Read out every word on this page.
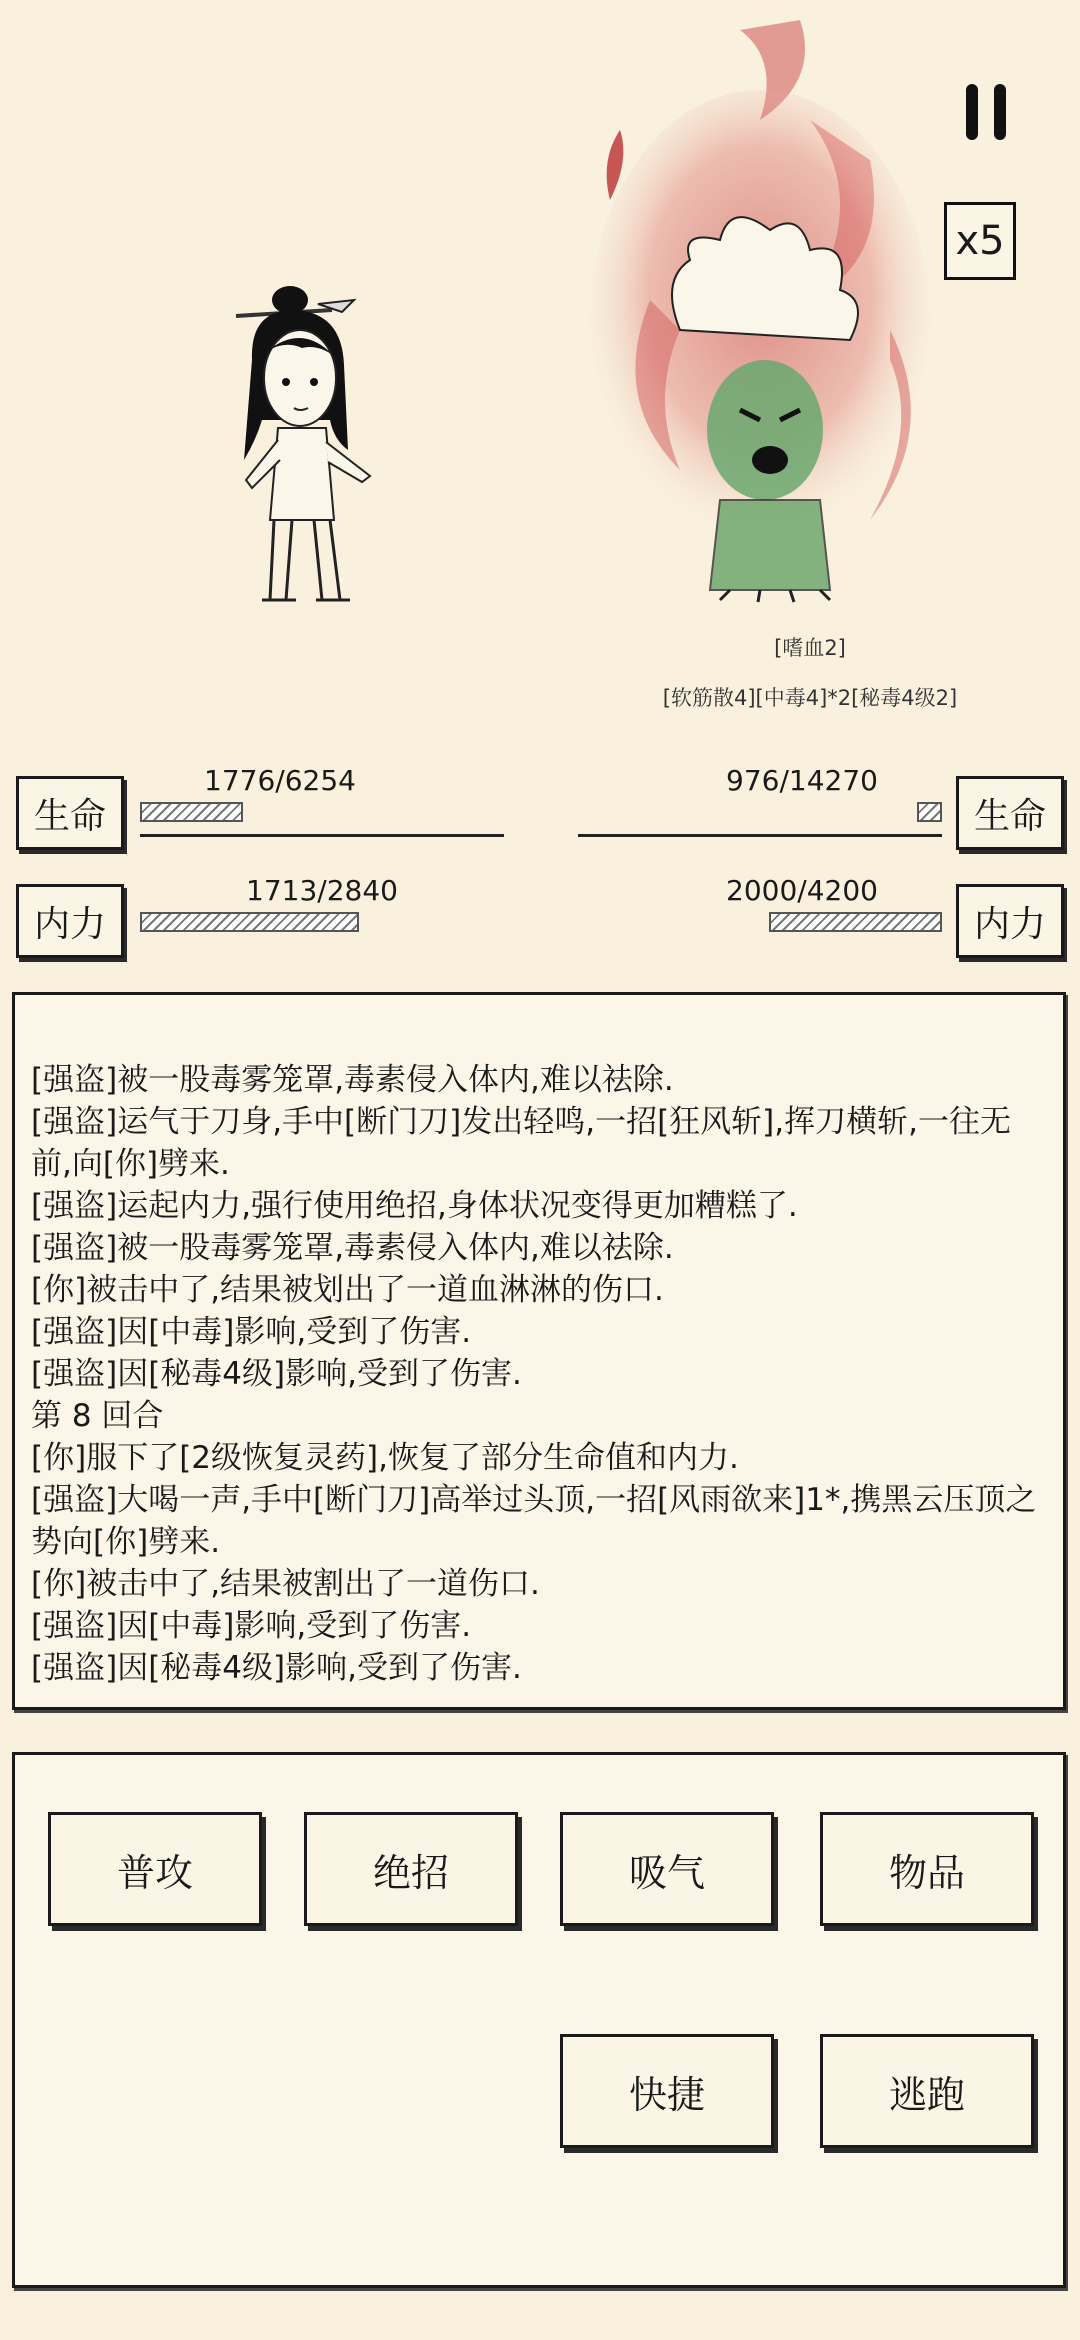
x5
[嗜血2]
[软筋散4][中毒4]*2[秘毒4级2]
生命
1776/6254
生命
976/14270
内力
1713/2840
内力
2000/4200
[强盗]被一股毒雾笼罩,毒素侵入体内,难以祛除.
[强盗]运气于刀身,手中[断门刀]发出轻鸣,一招[狂风斩],挥刀横斩,一往无前,向[你]劈来.
[强盗]运起内力,强行使用绝招,身体状况变得更加糟糕了.
[强盗]被一股毒雾笼罩,毒素侵入体内,难以祛除.
[你]被击中了,结果被划出了一道血淋淋的伤口.
[强盗]因[中毒]影响,受到了伤害.
[强盗]因[秘毒4级]影响,受到了伤害.
第 8 回合
[你]服下了[2级恢复灵药],恢复了部分生命值和内力.
[强盗]大喝一声,手中[断门刀]高举过头顶,一招[风雨欲来]1*,携黑云压顶之势向[你]劈来.
[你]被击中了,结果被割出了一道伤口.
[强盗]因[中毒]影响,受到了伤害.
[强盗]因[秘毒4级]影响,受到了伤害.
普攻	绝招	吸气	物品
快捷	逃跑
